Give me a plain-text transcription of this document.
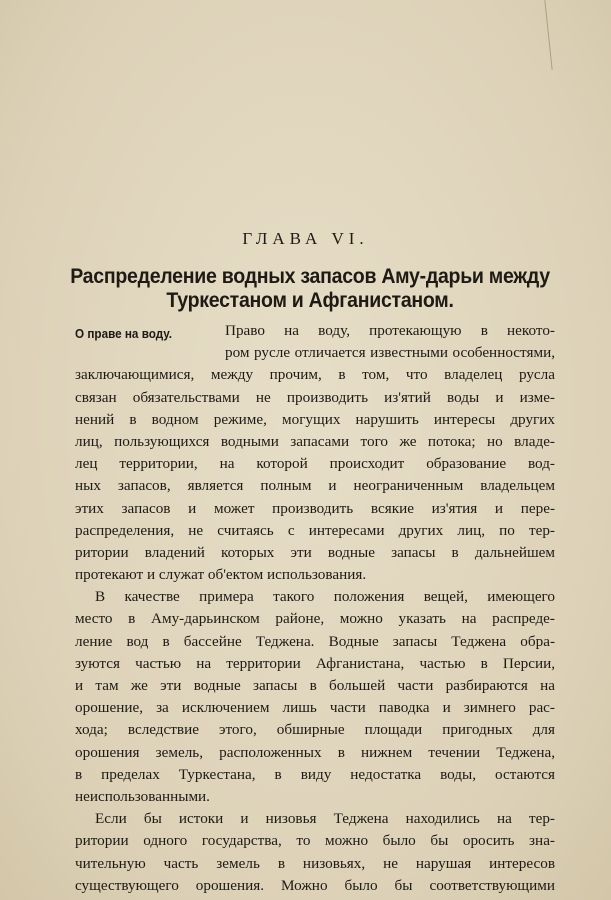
ГЛАВА VI.
Распределение водных запасов Аму-дарьи между
Туркестаном и Афганистаном.
О праве на воду.	Право на воду, протекающую в некото-
ром русле отличается известными особенностями,
заключающимися, между прочим, в том, что владелец русла
связан обязательствами не производить из'ятий воды и изме-
нений в водном режиме, могущих нарушить интересы других
лиц, пользующихся водными запасами того же потока; но владе-
лец территории, на которой происходит образование вод-
ных запасов, является полным и неограниченным владельцем
этих запасов и может производить всякие из'ятия и пере-
распределения, не считаясь с интересами других лиц, по тер-
ритории владений которых эти водные запасы в дальнейшем
протекают и служат об'ектом использования.
В качестве примера такого положения вещей, имеющего
место в Аму-дарьинском районе, можно указать на распреде-
ление вод в бассейне Теджена. Водные запасы Теджена обра-
зуются частью на территории Афганистана, частью в Персии,
и там же эти водные запасы в большей части разбираются на
орошение, за исключением лишь части паводка и зимнего рас-
хода; вследствие этого, обширные площади пригодных для
орошения земель, расположенных в нижнем течении Теджена,
в пределах Туркестана, в виду недостатка воды, остаются
неиспользованными.
Если бы истоки и низовья Теджена находились на тер-
ритории одного государства, то можно было бы оросить зна-
чительную часть земель в низовьях, не нарушая интересов
существующего орошения. Можно было бы соответствующими
